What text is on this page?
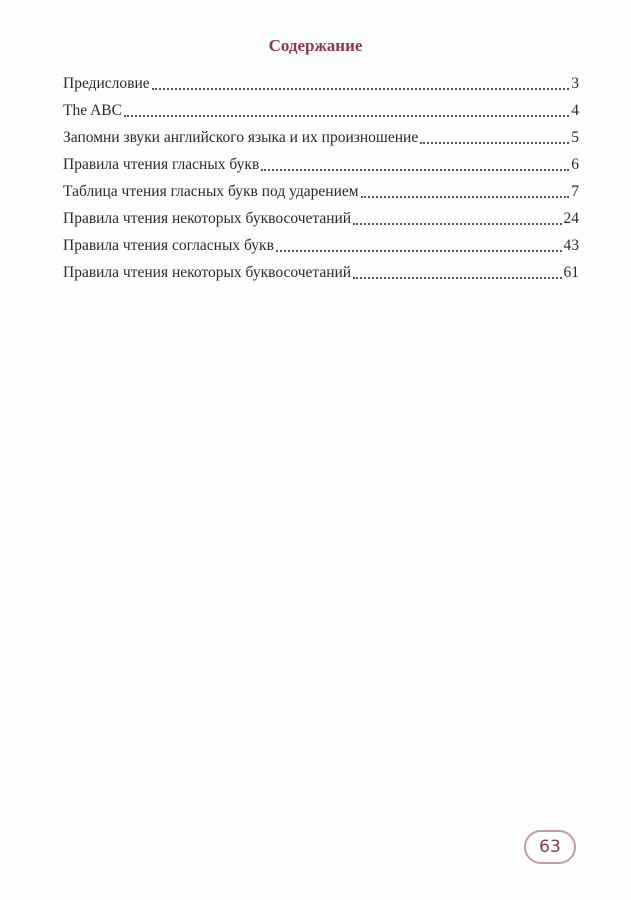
Содержание
Предисловие	3
The ABC	4
Запомни звуки английского языка и их произношение	5
Правила чтения гласных букв	6
Таблица чтения гласных букв под ударением	7
Правила чтения некоторых буквосочетаний	24
Правила чтения согласных букв	43
Правила чтения некоторых буквосочетаний	61
63
